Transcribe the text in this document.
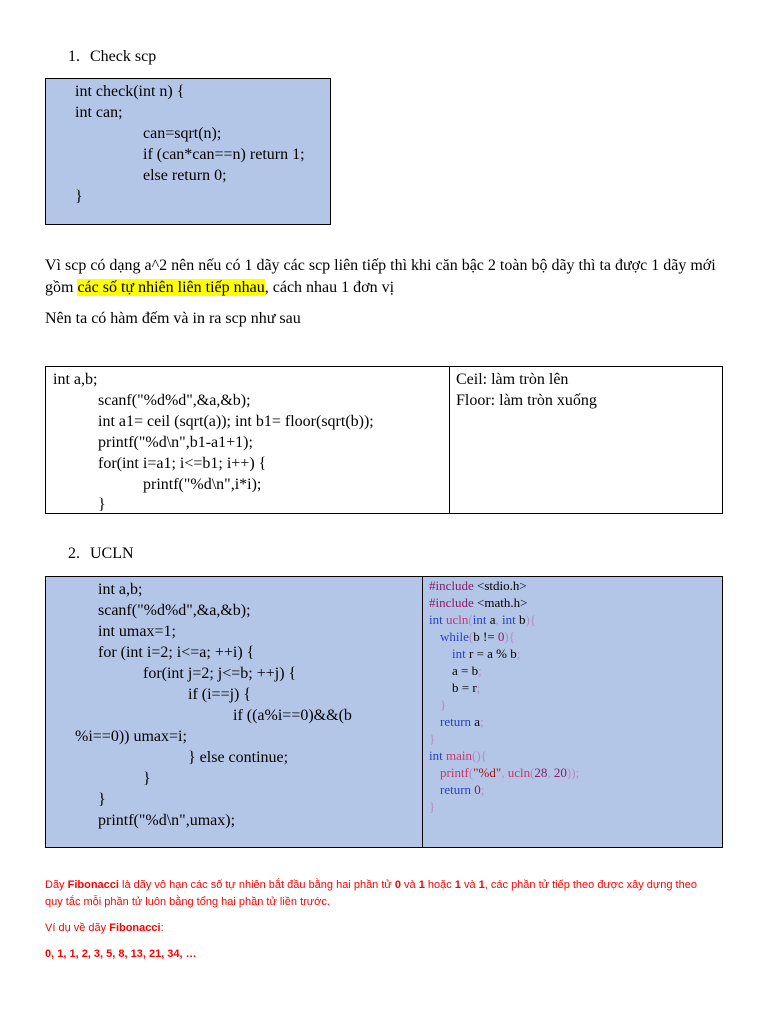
1. Check scp
int check(int n) {
int can;
can=sqrt(n);
if (can*can==n) return 1;
else return 0;
}
Vì scp có dạng a^2 nên nếu có 1 dãy các scp liên tiếp thì khi căn bậc 2 toàn bộ dãy thì ta được 1 dãy mới gồm các số tự nhiên liên tiếp nhau, cách nhau 1 đơn vị
Nên ta có hàm đếm và in ra scp như sau
int a,b;
scanf("%d%d",&a,&b);
int a1= ceil (sqrt(a)); int b1= floor(sqrt(b));
printf("%d\n",b1-a1+1);
for(int i=a1; i<=b1; i++) {
printf("%d\n",i*i);
}
Ceil: làm tròn lên
Floor: làm tròn xuống
2. UCLN
int a,b;
scanf("%d%d",&a,&b);
int umax=1;
for (int i=2; i<=a; ++i) {
for(int j=2; j<=b; ++j) {
if (i==j) {
if ((a%i==0)&&(b
%i==0)) umax=i;
} else continue;
}
}
printf("%d\n",umax);
#include <stdio.h>
#include <math.h>
int ucln(int a, int b){
while(b != 0){
int r = a % b;
a = b;
b = r;
}
return a;
}
int main(){
printf("%d", ucln(28, 20));
return 0;
}
Dãy Fibonacci là dãy vô hạn các số tự nhiên bắt đầu bằng hai phần tử 0 và 1 hoặc 1 và 1, các phần tử tiếp theo được xây dựng theo
quy tắc mỗi phần tử luôn bằng tổng hai phần tử liền trước.
Ví dụ về dãy Fibonacci:
0, 1, 1, 2, 3, 5, 8, 13, 21, 34, …
